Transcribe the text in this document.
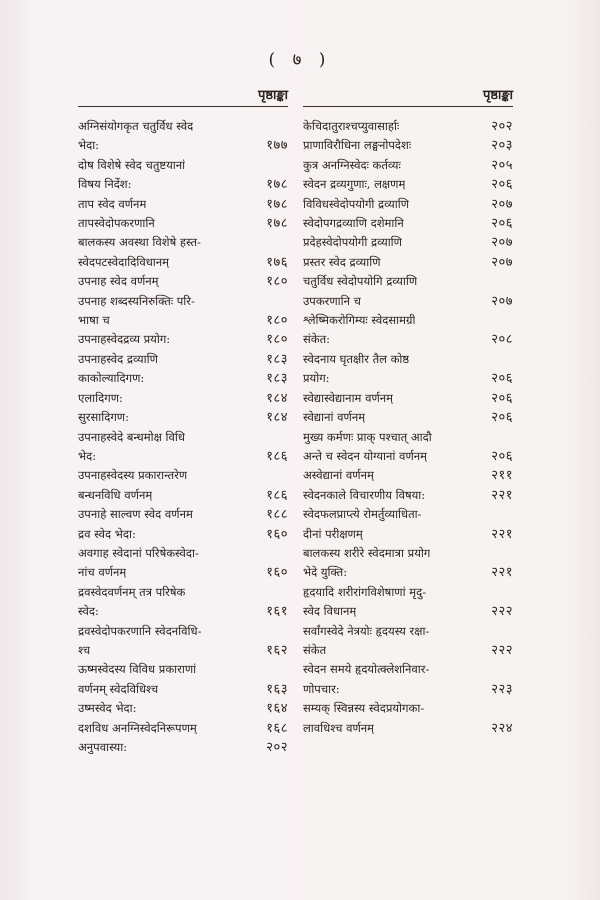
( ७ )
पृष्ठाङ्का
अग्निसंयोगकृत चतुर्विध स्वेद
भेदा:	१७७
दोष विशेषे स्वेद चतुष्टयानां
विषय निर्देश:	१७८
ताप स्वेद वर्णनम	१७८
तापस्वेदोपकरणानि	१७८
बालकस्य अवस्था विशेषे हस्त-
स्वेदपटस्वेदादिविधानम्	१७६
उपनाह स्वेद वर्णनम्	१८०
उपनाह शब्दस्यनिरुक्तिः परि-
भाषा च	१८०
उपनाहस्वेदद्रव्य प्रयोग:	१८०
उपनाहस्वेद द्रव्याणि	१८३
काकोल्यादिगण:	१८३
एलादिगण:	१८४
सुरसादिगण:	१८४
उपनाहस्वेदे बन्धमोक्ष विधि
भेद:	१८६
उपनाहस्वेदस्य प्रकारान्तरेण
बन्धनविधि वर्णनम्	१८६
उपनाहे साल्वण स्वेद वर्णनम	१८८
द्रव स्वेद भेदा:	१६०
अवगाह स्वेदानां परिषेकस्वेदा-
नांच वर्णनम्	१६०
द्रवस्वेदवर्णनम् तत्र परिषेक
स्वेद:	१६१
द्रवस्वेदोपकरणानि स्वेदनविधि-
श्च	१६२
ऊष्मस्वेदस्य विविध प्रकाराणां
वर्णनम् स्वेदविधिश्च	१६३
उष्मस्वेद भेदा:	१६४
दशविध अनग्निस्वेदनिरूपणम्	१६८
अनुपवास्या:	२०२
पृष्ठाङ्का
केचिदातुराश्चप्युवासार्हाः	२०२
प्राणाविरौधिना लङ्घनोपदेशः	२०३
कुत्र अनग्निस्वेदः कर्तव्यः	२०५
स्वेदन द्रव्यगुणाः, लक्षणम्	२०६
विविधस्वेदोपयोगी द्रव्याणि	२०७
स्वेदोपगद्रव्याणि दशेमानि	२०६
प्रदेहस्वेदोपयोगी द्रव्याणि	२०७
प्रस्तर स्वेद द्रव्याणि	२०७
चतुर्विध स्वेदोपयोगि द्रव्याणि
उपकरणानि च	२०७
श्लेष्मिकरोगिम्यः स्वेदसामग्री
संकेत:	२०८
स्वेदनाय घृतक्षीर तैल कोष्ठ
प्रयोग:	२०६
स्वेद्यास्वेद्यानाम वर्णनम्	२०६
स्वेद्यानां वर्णनम्	२०६
मुख्य कर्मणः प्राक् पश्चात् आदौ
अन्ते च स्वेदन योग्यानां वर्णनम्	२०६
अस्वेद्यानां वर्णनम्	२११
स्वेदनकाले विचारणीय विषया:	२२१
स्वेदफलप्राप्त्ये रोमर्तुव्याधिता-
दीनां परीक्षणम्	२२१
बालकस्य शरीरे स्वेदमात्रा प्रयोग
भेदे युक्ति:	२२१
हृदयादि शरीरांगविशेषाणां मृदु-
स्वेद विधानम्	२२२
सर्वांगस्वेदे नेत्रयोः हृदयस्य रक्षा-
संकेत	२२२
स्वेदन समये हृदयोत्क्लेशनिवार-
णोपचार:	२२३
सम्यक् स्विन्नस्य स्वेदप्रयोगका-
लावधिश्च वर्णनम्	२२४
